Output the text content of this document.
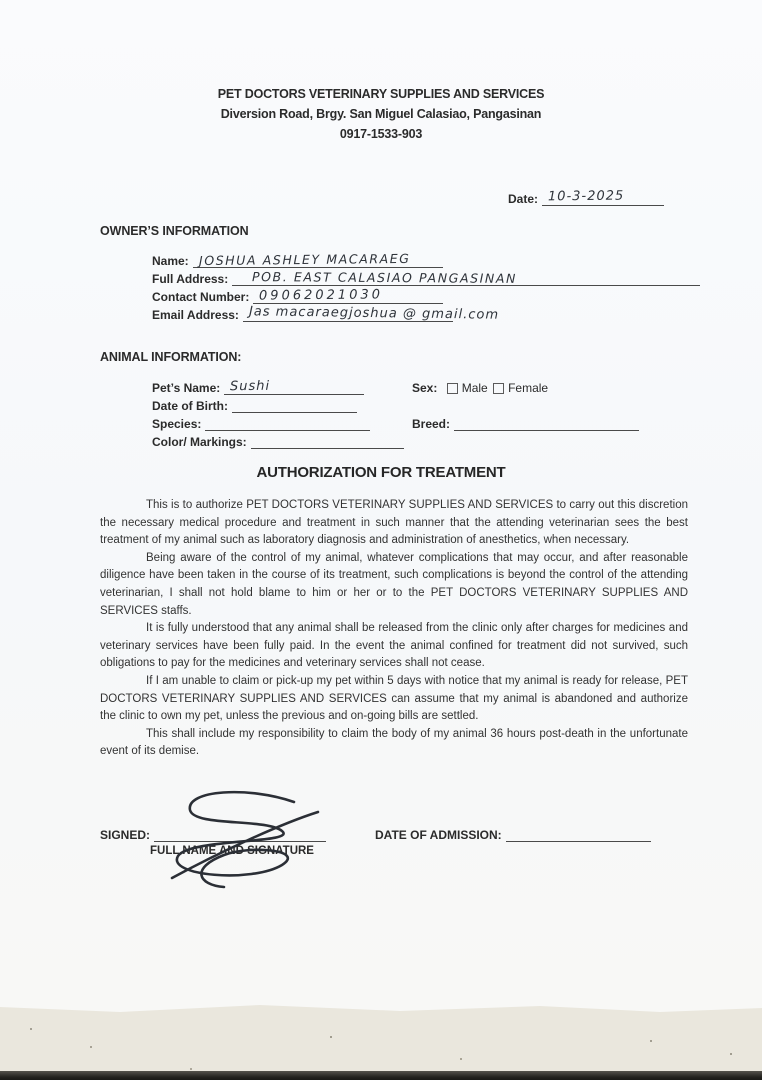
PET DOCTORS VETERINARY SUPPLIES AND SERVICES
Diversion Road, Brgy. San Miguel Calasiao, Pangasinan
0917-1533-903
Date: 10-3-2025
OWNER’S INFORMATION
Name: JOSHUA ASHLEY MACARAEG
Full Address:	POB. EAST CALASIAO PANGASINAN
Contact Number: 09062021030
Email Address: Jas macaraegjoshua @ gmail.com
ANIMAL INFORMATION:
Pet’s Name: Sushi	Sex: Male Female
Date of Birth:
Species:	Breed:
Color/ Markings:
AUTHORIZATION FOR TREATMENT

This is to authorize PET DOCTORS VETERINARY SUPPLIES AND SERVICES to carry out this discretion the necessary medical procedure and treatment in such manner that the attending veterinarian sees the best treatment of my animal such as laboratory diagnosis and administration of anesthetics, when necessary.

Being aware of the control of my animal, whatever complications that may occur, and after reasonable diligence have been taken in the course of its treatment, such complications is beyond the control of the attending veterinarian, I shall not hold blame to him or her or to the PET DOCTORS VETERINARY SUPPLIES AND SERVICES staffs.

It is fully understood that any animal shall be released from the clinic only after charges for medicines and veterinary services have been fully paid. In the event the animal confined for treatment did not survived, such obligations to pay for the medicines and veterinary services shall not cease.

If I am unable to claim or pick-up my pet within 5 days with notice that my animal is ready for release, PET DOCTORS VETERINARY SUPPLIES AND SERVICES can assume that my animal is abandoned and authorize the clinic to own my pet, unless the previous and on-going bills are settled.

This shall include my responsibility to claim the body of my animal 36 hours post-death in the unfortunate event of its demise.

SIGNED:
FULL NAME AND SIGNATURE
DATE OF ADMISSION:
